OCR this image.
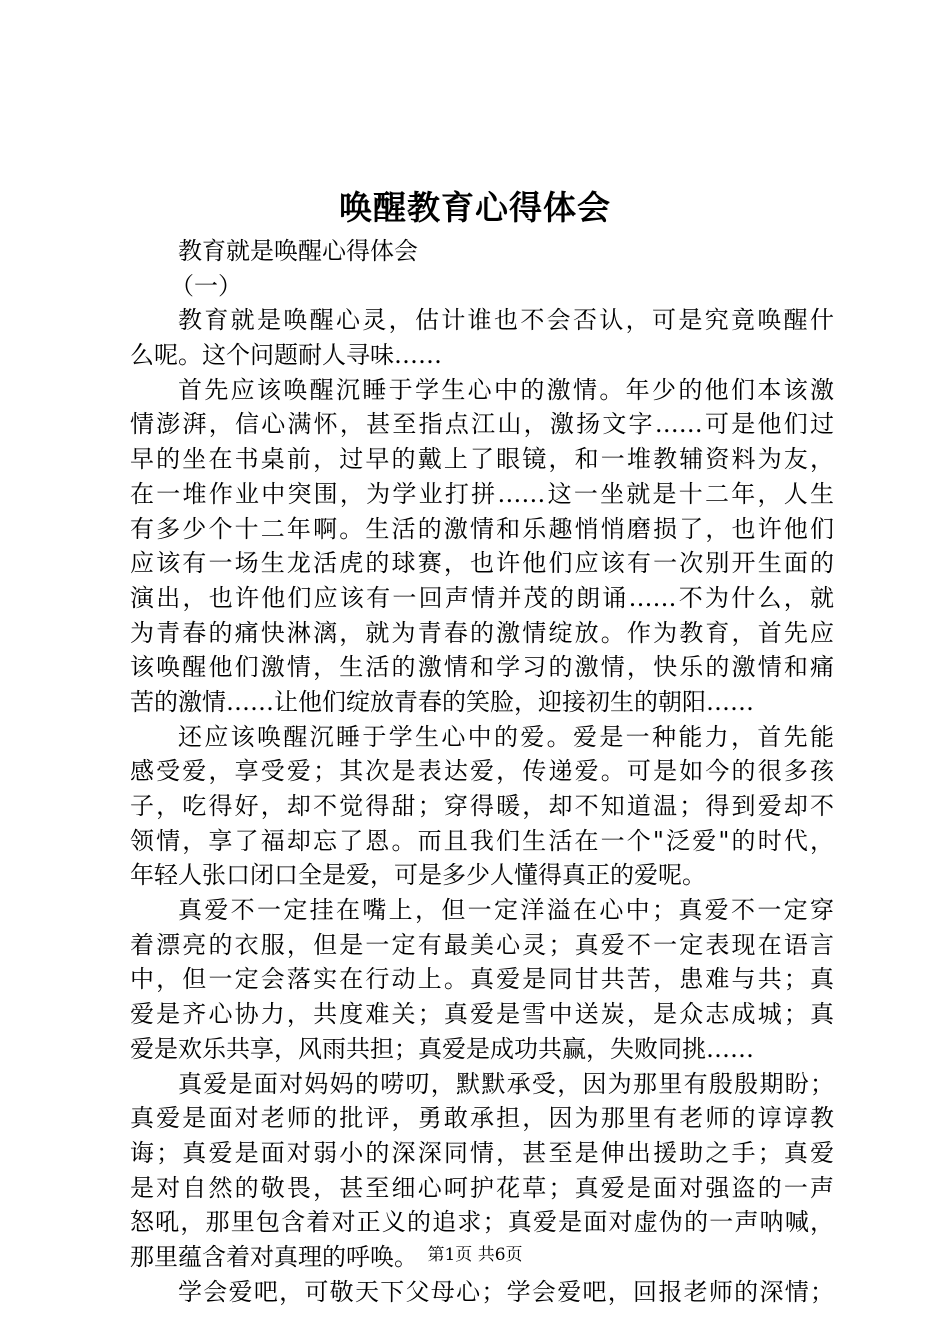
唤醒教育心得体会
教育就是唤醒心得体会
（一）
教育就是唤醒心灵，估计谁也不会否认，可是究竟唤醒什
么呢。这个问题耐人寻味……
首先应该唤醒沉睡于学生心中的激情。年少的他们本该激
情澎湃，信心满怀，甚至指点江山，激扬文字……可是他们过
早的坐在书桌前，过早的戴上了眼镜，和一堆教辅资料为友，
在一堆作业中突围，为学业打拼……这一坐就是十二年，人生
有多少个十二年啊。生活的激情和乐趣悄悄磨损了，也许他们
应该有一场生龙活虎的球赛，也许他们应该有一次别开生面的
演出，也许他们应该有一回声情并茂的朗诵……不为什么，就
为青春的痛快淋漓，就为青春的激情绽放。作为教育，首先应
该唤醒他们激情，生活的激情和学习的激情，快乐的激情和痛
苦的激情……让他们绽放青春的笑脸，迎接初生的朝阳……
还应该唤醒沉睡于学生心中的爱。爱是一种能力，首先能
感受爱，享受爱；其次是表达爱，传递爱。可是如今的很多孩
子，吃得好，却不觉得甜；穿得暖，却不知道温；得到爱却不
领情，享了福却忘了恩。而且我们生活在一个"泛爱"的时代，
年轻人张口闭口全是爱，可是多少人懂得真正的爱呢。
真爱不一定挂在嘴上，但一定洋溢在心中；真爱不一定穿
着漂亮的衣服，但是一定有最美心灵；真爱不一定表现在语言
中，但一定会落实在行动上。真爱是同甘共苦，患难与共；真
爱是齐心协力，共度难关；真爱是雪中送炭，是众志成城；真
爱是欢乐共享，风雨共担；真爱是成功共赢，失败同挑……
真爱是面对妈妈的唠叨，默默承受，因为那里有殷殷期盼；
真爱是面对老师的批评，勇敢承担，因为那里有老师的谆谆教
诲；真爱是面对弱小的深深同情，甚至是伸出援助之手；真爱
是对自然的敬畏，甚至细心呵护花草；真爱是面对强盗的一声
怒吼，那里包含着对正义的追求；真爱是面对虚伪的一声呐喊，
那里蕴含着对真理的呼唤。
学会爱吧，可敬天下父母心；学会爱吧，回报老师的深情；
第1页 共6页
